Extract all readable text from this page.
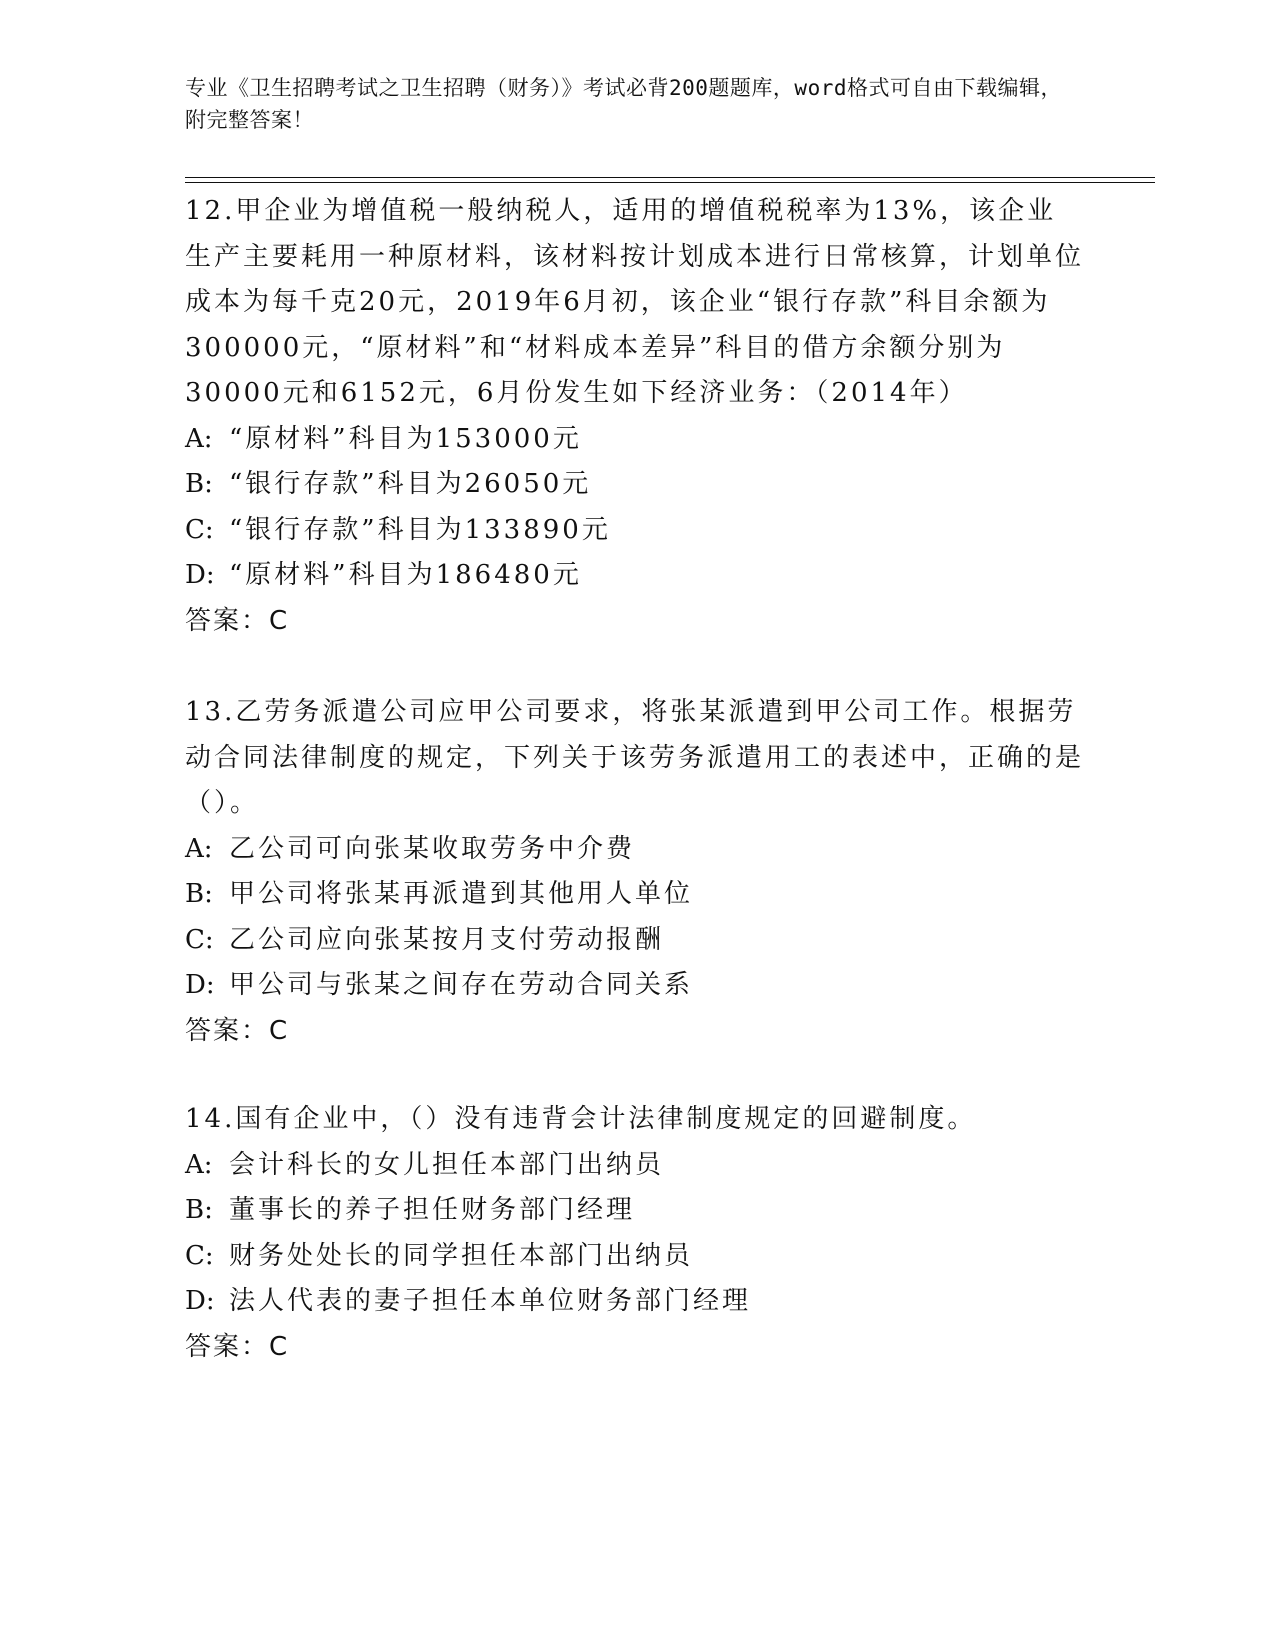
专业《卫生招聘考试之卫生招聘（财务）》考试必背200题题库，word格式可自由下载编辑，附完整答案！

12.甲企业为增值税一般纳税人，适用的增值税税率为13%，该企业生产主要耗用一种原材料，该材料按计划成本进行日常核算，计划单位成本为每千克20元，2019年6月初，该企业“银行存款”科目余额为300000元，“原材料”和“材料成本差异”科目的借方余额分别为30000元和6152元，6月份发生如下经济业务：（2014年）

A: “原材料”科目为153000元
B: “银行存款”科目为26050元
C: “银行存款”科目为133890元
D: “原材料”科目为186480元
答案：C

13.乙劳务派遣公司应甲公司要求，将张某派遣到甲公司工作。根据劳动合同法律制度的规定，下列关于该劳务派遣用工的表述中，正确的是（）。

A: 乙公司可向张某收取劳务中介费
B: 甲公司将张某再派遣到其他用人单位
C: 乙公司应向张某按月支付劳动报酬
D: 甲公司与张某之间存在劳动合同关系
答案：C

14.国有企业中，（）没有违背会计法律制度规定的回避制度。

A: 会计科长的女儿担任本部门出纳员
B: 董事长的养子担任财务部门经理
C: 财务处处长的同学担任本部门出纳员
D: 法人代表的妻子担任本单位财务部门经理
答案：C
